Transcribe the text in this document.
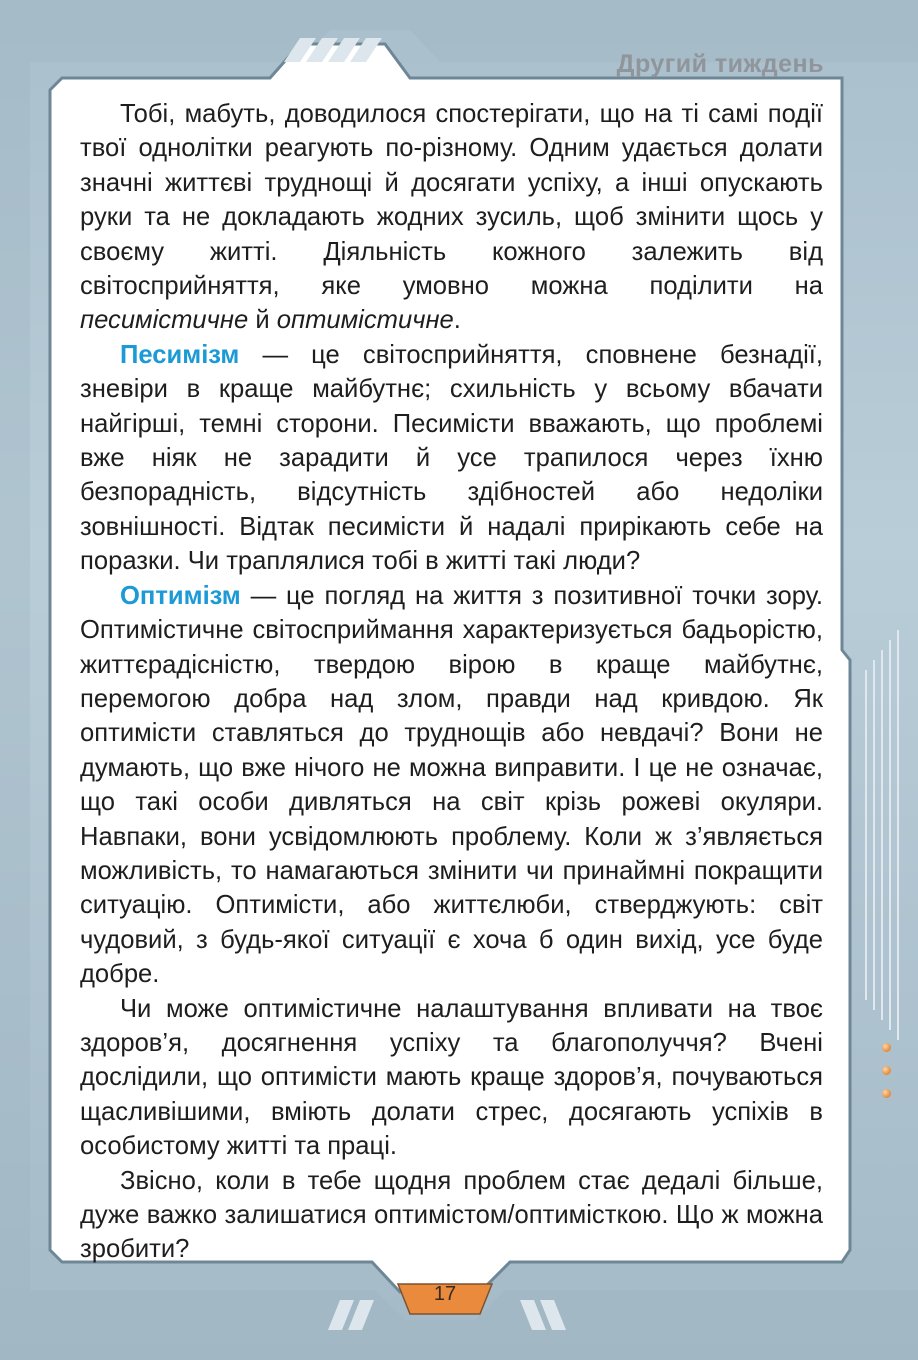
Другий тиждень

Тобі, мабуть, доводилося спостерігати, що на ті самі події твої однолітки реагують по-різному. Одним удається долати значні життєві труднощі й досягати успіху, а інші опускають руки та не докладають жодних зусиль, щоб змінити щось у своєму житті. Діяльність кожного залежить від світосприйняття, яке умовно можна поділити на песимістичне й оптимістичне.

Песимізм — це світосприйняття, сповнене безнадії, зневіри в краще майбутнє; схильність у всьому вбачати найгірші, темні сторони. Песимісти вважають, що проблемі вже ніяк не зарадити й усе трапилося через їхню безпорадність, відсутність здібностей або недоліки зовнішності. Відтак песимісти й надалі прирікають себе на поразки. Чи траплялися тобі в житті такі люди?

Оптимізм — це погляд на життя з позитивної точки зору. Оптимістичне світосприймання характеризується бадьорістю, життєрадісністю, твердою вірою в краще майбутнє, перемогою добра над злом, правди над кривдою. Як оптимісти ставляться до труднощів або невдачі? Вони не думають, що вже нічого не можна виправити. І це не означає, що такі особи дивляться на світ крізь рожеві окуляри. Навпаки, вони усвідомлюють проблему. Коли ж з’являється можливість, то намагаються змінити чи принаймні покращити ситуацію. Оптимісти, або життєлюби, стверджують: світ чудовий, з будь-якої ситуації є хоча б один вихід, усе буде добре.

Чи може оптимістичне налаштування впливати на твоє здоров’я, досягнення успіху та благополуччя? Вчені дослідили, що оптимісти мають краще здоров’я, почуваються щасливішими, вміють долати стрес, досягають успіхів в особистому житті та праці.

Звісно, коли в тебе щодня проблем стає дедалі більше, дуже важко залишатися оптимістом/оптимісткою. Що ж можна зробити?

17
